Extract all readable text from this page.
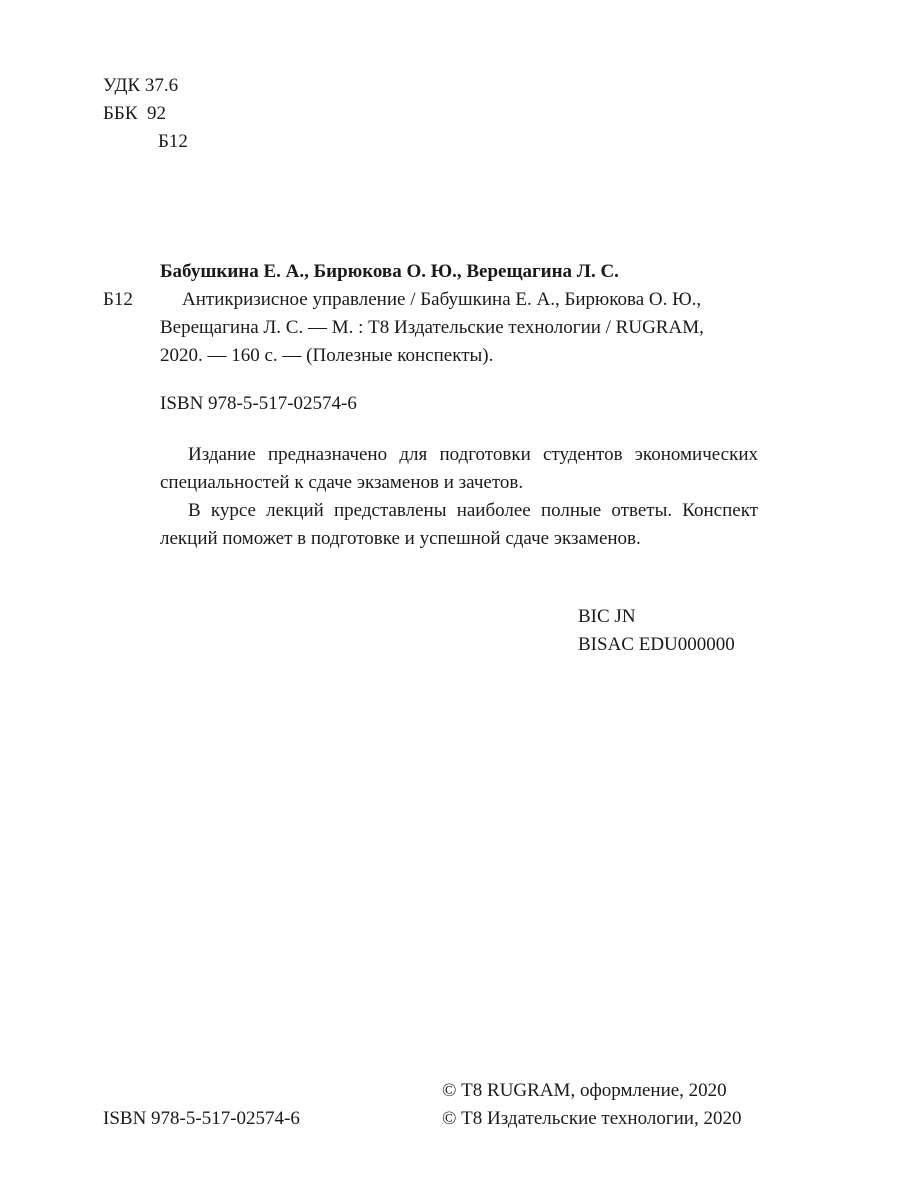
УДК 37.6
ББК  92
Б12
Бабушкина Е. А., Бирюкова О. Ю., Верещагина Л. С.
Б12	Антикризисное управление / Бабушкина Е. А., Бирюкова О. Ю.,
Верещагина Л. С. — М. : Т8 Издательские технологии / RUGRAM,
2020. — 160 с. — (Полезные конспекты).
ISBN 978-5-517-02574-6

Издание предназначено для подготовки студентов экономических специальностей к сдаче экзаменов и зачетов.

В курсе лекций представлены наиболее полные ответы. Конспект лекций поможет в подготовке и успешной сдаче экзаменов.

BIC JN
BISAC EDU000000
© Т8 RUGRAM, оформление, 2020
© Т8 Издательские технологии, 2020
ISBN 978-5-517-02574-6
